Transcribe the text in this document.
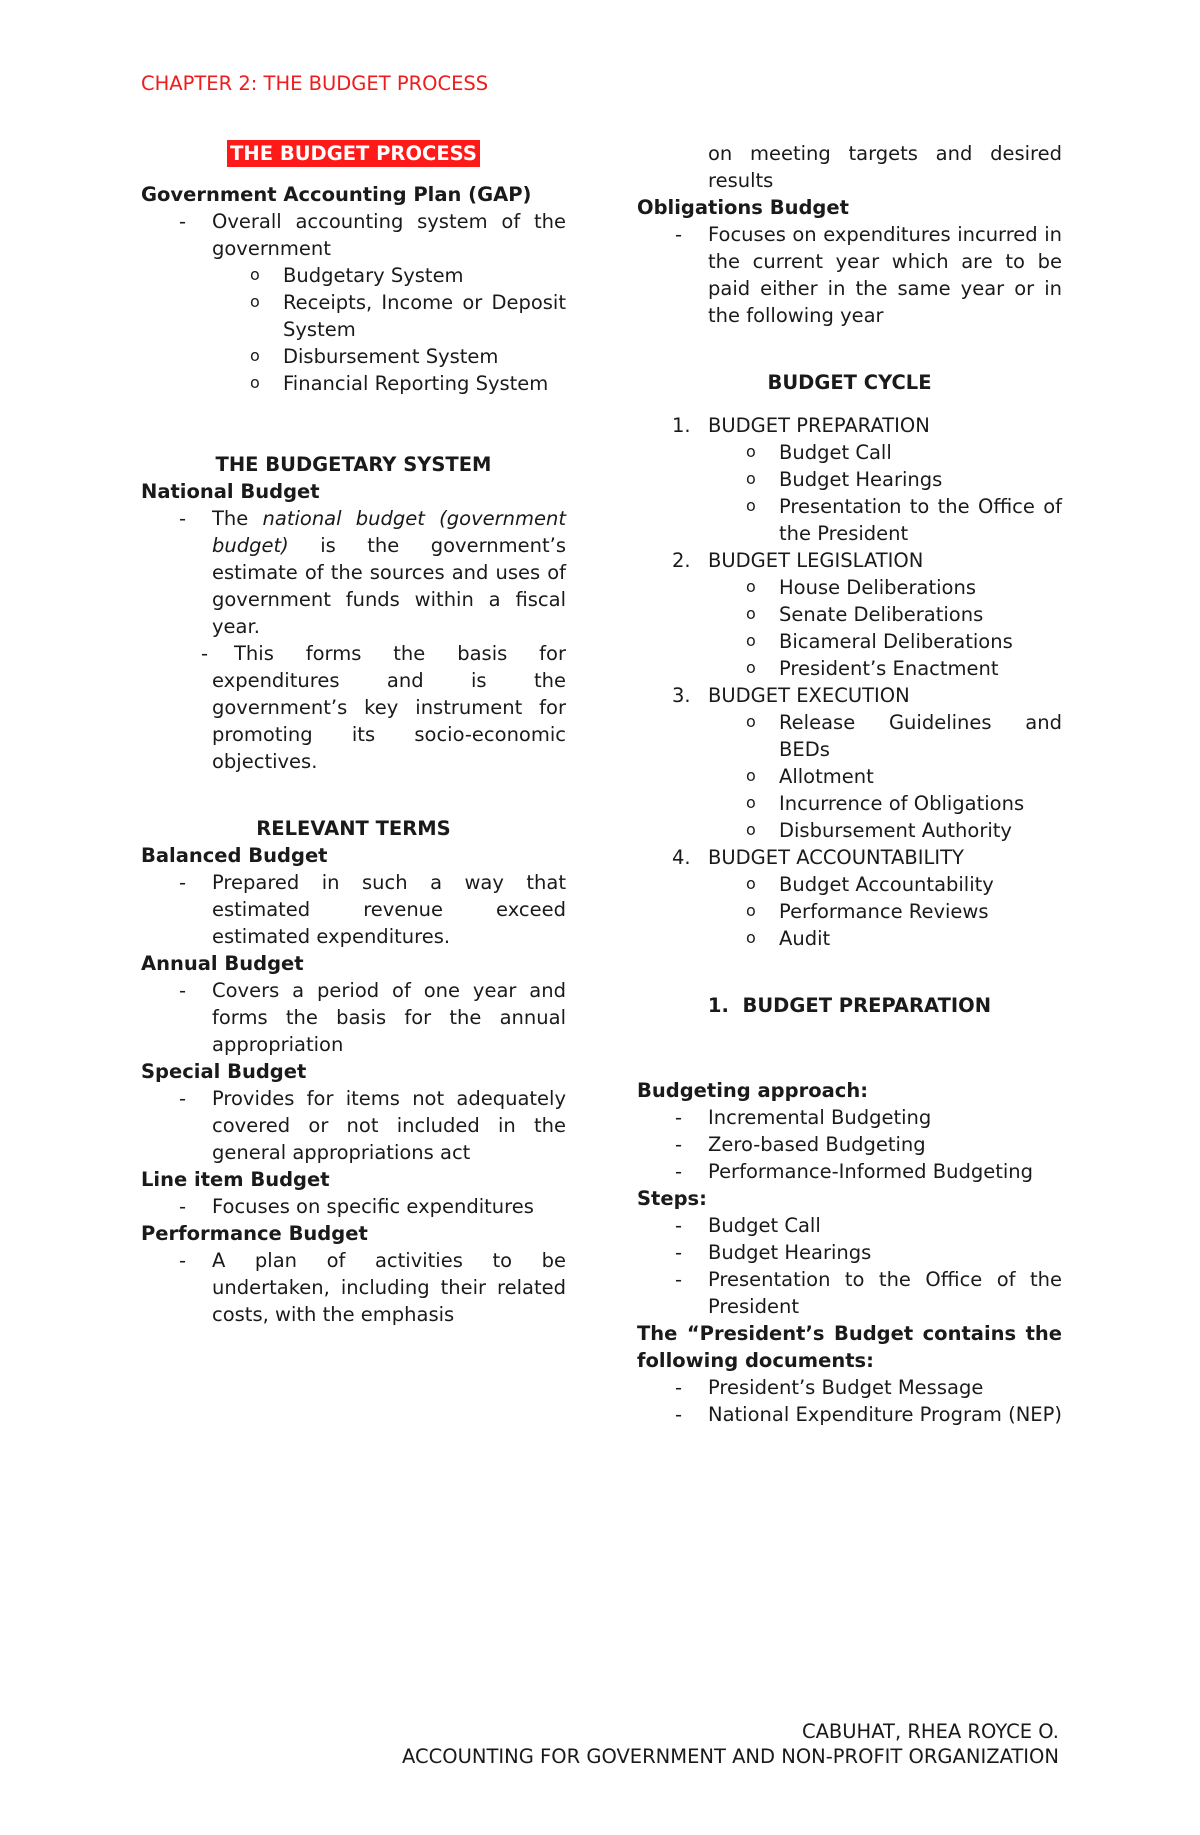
CHAPTER 2: THE BUDGET PROCESS
THE BUDGET PROCESS

Government Accounting Plan (GAP)

- Overall accounting system of the government

o Budgetary System

o Receipts, Income or Deposit System

o Disbursement System

o Financial Reporting System

THE BUDGETARY SYSTEM

National Budget

- The national budget (government budget) is the government’s estimate of the sources and uses of government funds within a fiscal year.

- This forms the basis for expenditures and is the government’s key instrument for promoting its socio-economic objectives.

RELEVANT TERMS

Balanced Budget

- Prepared in such a way that estimated revenue exceed estimated expenditures.

Annual Budget

- Covers a period of one year and forms the basis for the annual appropriation

Special Budget

- Provides for items not adequately covered or not included in the general appropriations act

Line item Budget

- Focuses on specific expenditures

Performance Budget

- A plan of activities to be undertaken, including their related costs, with the emphasis

on meeting targets and desired results

Obligations Budget

- Focuses on expenditures incurred in the current year which are to be paid either in the same year or in the following year

BUDGET CYCLE

1. BUDGET PREPARATION

o Budget Call

o Budget Hearings

o Presentation to the Office of the President

2. BUDGET LEGISLATION

o House Deliberations

o Senate Deliberations

o Bicameral Deliberations

o President’s Enactment

3. BUDGET EXECUTION

o Release Guidelines and BEDs

o Allotment

o Incurrence of Obligations

o Disbursement Authority

4. BUDGET ACCOUNTABILITY

o Budget Accountability

o Performance Reviews

o Audit

1. BUDGET PREPARATION

Budgeting approach:

- Incremental Budgeting

- Zero-based Budgeting

- Performance-Informed Budgeting

Steps:

- Budget Call

- Budget Hearings

- Presentation to the Office of the President

The “President’s Budget contains the following documents:

- President’s Budget Message

- National Expenditure Program (NEP)

CABUHAT, RHEA ROYCE O.
ACCOUNTING FOR GOVERNMENT AND NON-PROFIT ORGANIZATION
